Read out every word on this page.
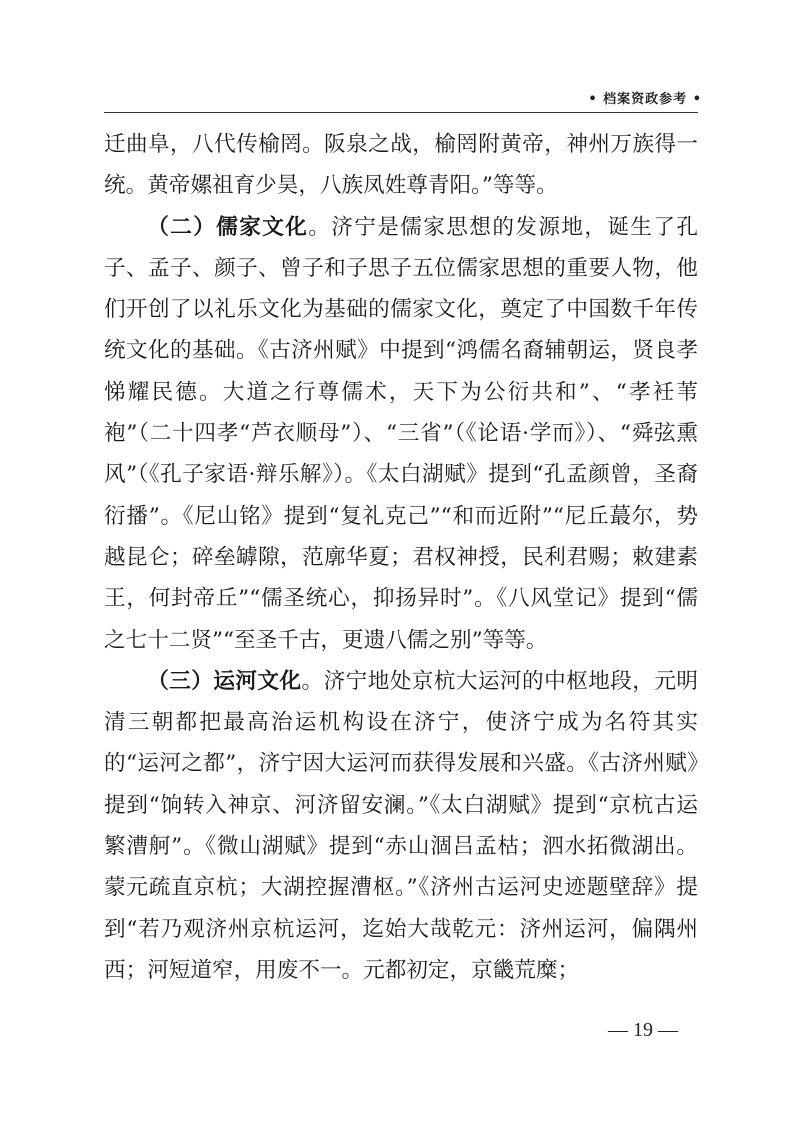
• 档案资政参考 •

迁曲阜，八代传榆罔。阪泉之战，榆罔附黄帝，神州万族得一统。黄帝嫘祖育少昊，八族凤姓尊青阳。”等等。

（二）儒家文化。济宁是儒家思想的发源地，诞生了孔子、孟子、颜子、曾子和子思子五位儒家思想的重要人物，他们开创了以礼乐文化为基础的儒家文化，奠定了中国数千年传统文化的基础。《古济州赋》中提到“鸿儒名裔辅朝运，贤良孝悌耀民德。大道之行尊儒术，天下为公衍共和”、“孝衽苇袍”（二十四孝“芦衣顺母”）、“三省”（《论语·学而》）、“舜弦熏风”（《孔子家语·辩乐解》）。《太白湖赋》提到“孔孟颜曾，圣裔衍播”。《尼山铭》提到“复礼克己”“和而近附”“尼丘蕞尔，势越昆仑；碎垒罅隙，范廓华夏；君权神授，民利君赐；敕建素王，何封帝丘”“儒圣统心，抑扬异时”。《八风堂记》提到“儒之七十二贤”“至圣千古，更遗八儒之别”等等。

（三）运河文化。济宁地处京杭大运河的中枢地段，元明清三朝都把最高治运机构设在济宁，使济宁成为名符其实的“运河之都”，济宁因大运河而获得发展和兴盛。《古济州赋》提到“饷转入神京、河济留安澜。”《太白湖赋》提到“京杭古运繁漕舸”。《微山湖赋》提到“赤山涸吕孟枯；泗水拓微湖出。蒙元疏直京杭；大湖控握漕枢。”《济州古运河史迹题壁辞》提到“若乃观济州京杭运河，迄始大哉乾元：济州运河，偏隅州西；河短道窄，用废不一。元都初定，京畿荒糜；

— 19 —
